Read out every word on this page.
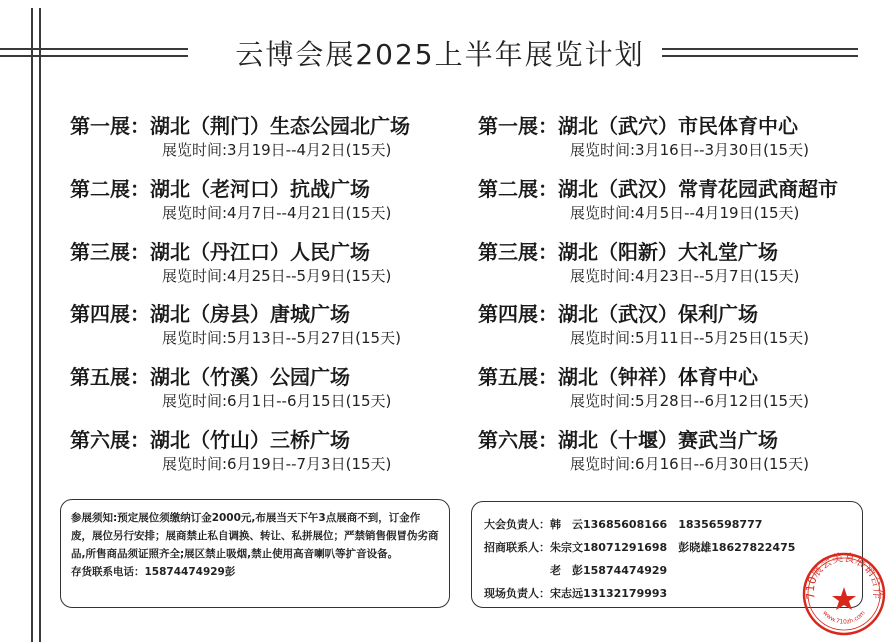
云博会展2025上半年展览计划
第一展：湖北（荆门）生态公园北广场
展览时间:3月19日--4月2日(15天)
第二展：湖北（老河口）抗战广场
展览时间:4月7日--4月21日(15天)
第三展：湖北（丹江口）人民广场
展览时间:4月25日--5月9日(15天)
第四展：湖北（房县）唐城广场
展览时间:5月13日--5月27日(15天)
第五展：湖北（竹溪）公园广场
展览时间:6月1日--6月15日(15天)
第六展：湖北（竹山）三桥广场
展览时间:6月19日--7月3日(15天)
第一展：湖北（武穴）市民体育中心
展览时间:3月16日--3月30日(15天)
第二展：湖北（武汉）常青花园武商超市
展览时间:4月5日--4月19日(15天)
第三展：湖北（阳新）大礼堂广场
展览时间:4月23日--5月7日(15天)
第四展：湖北（武汉）保利广场
展览时间:5月11日--5月25日(15天)
第五展：湖北（钟祥）体育中心
展览时间:5月28日--6月12日(15天)
第六展：湖北（十堰）赛武当广场
展览时间:6月16日--6月30日(15天)

参展须知:预定展位须缴纳订金2000元,布展当天下午3点展商不到，订金作废，展位另行安排；展商禁止私自调换、转让、私拼展位；严禁销售假冒伪劣商品,所售商品须证照齐全;展区禁止吸烟,禁止使用高音喇叭等扩音设备。

存货联系电话：15874474929彭

大会负责人：韩　云13685608166　18356598777
招商联系人：朱宗文18071291698　彭晓雄18627822475
老　彭15874474929
现场负责人：宋志远13132179993	710展会美食展销合作
www.710zh.com
